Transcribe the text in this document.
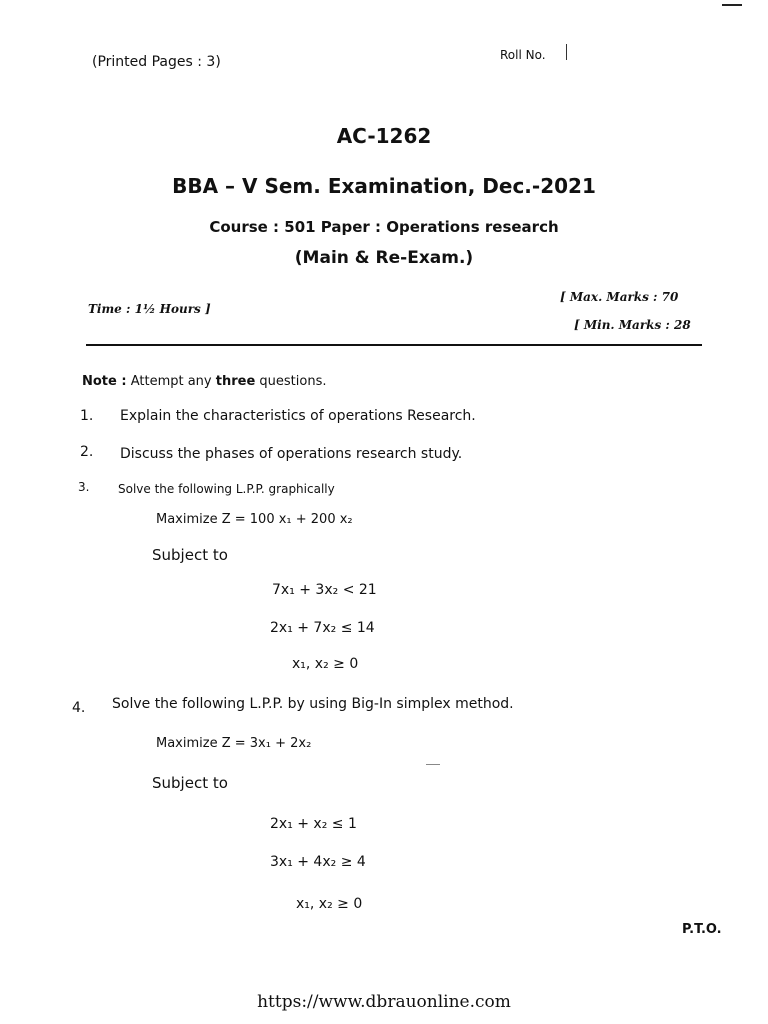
(Printed Pages : 3)	Roll No.
AC-1262
BBA – V Sem. Examination, Dec.-2021
Course : 501 Paper : Operations research
(Main & Re-Exam.)
Time : 1½ Hours ]
[ Max. Marks : 70
[ Min. Marks : 28
Note : Attempt any three questions.
1. Explain the characteristics of operations Research.
2. Discuss the phases of operations research study.
3. Solve the following L.P.P. graphically
Maximize Z = 100 x₁ + 200 x₂
Subject to
7x₁ + 3x₂ < 21
2x₁ + 7x₂ ≤ 14
x₁, x₂ ≥ 0
4. Solve the following L.P.P. by using Big-In simplex method.
Maximize Z = 3x₁ + 2x₂
Subject to
2x₁ + x₂ ≤ 1
3x₁ + 4x₂ ≥ 4
x₁, x₂ ≥ 0
P.T.O.
https://www.dbrauonline.com
